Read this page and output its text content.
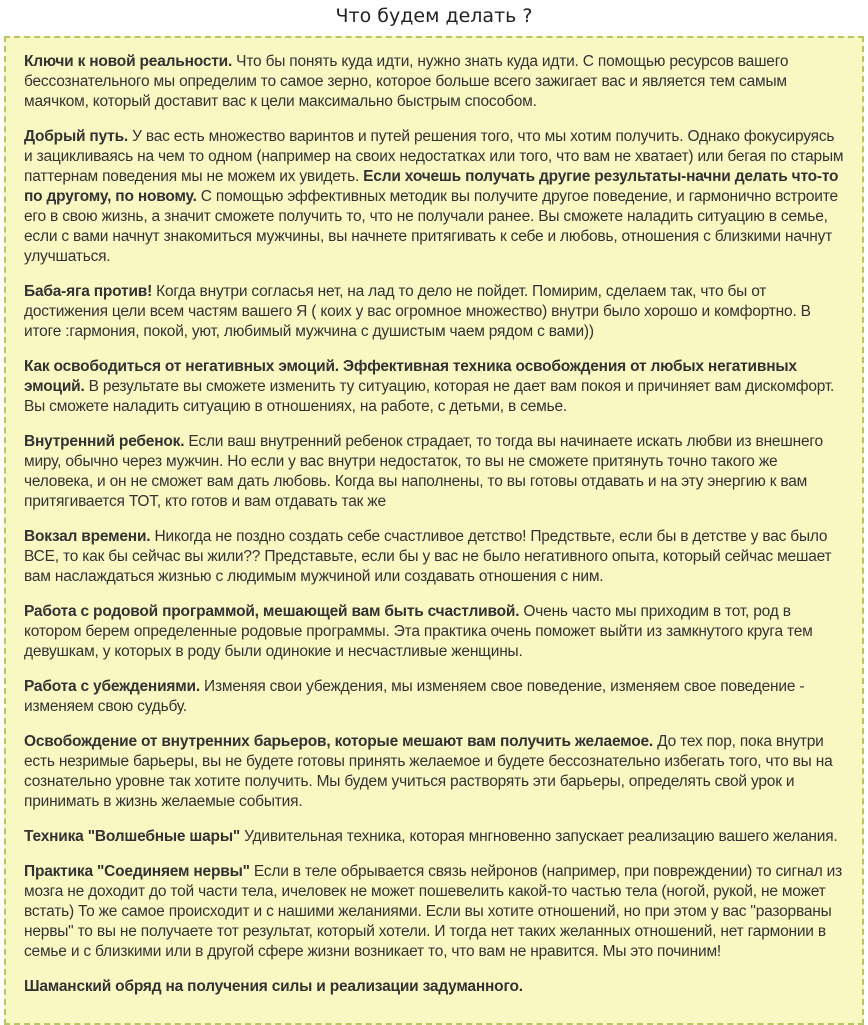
Что будем делать ?

Ключи к новой реальности. Что бы понять куда идти, нужно знать куда идти. С помощью ресурсов вашего бессознательного мы определим то самое зерно, которое больше всего зажигает вас и является тем самым маячком, который доставит вас к цели максимально быстрым способом.

Добрый путь. У вас есть множество варинтов и путей решения того, что мы хотим получить. Однако фокусируясь и зацикливаясь на чем то одном (например на своих недостатках или того, что вам не хватает) или бегая по старым паттернам поведения мы не можем их увидеть. Если хочешь получать другие результаты-начни делать что-то по другому, по новому. С помощью эффективных методик вы получите другое поведение, и гармонично встроите его в свою жизнь, а значит сможете получить то, что не получали ранее. Вы сможете наладить ситуацию в семье, если с вами начнут знакомиться мужчины, вы начнете притягивать к себе и любовь, отношения с близкими начнут улучшаться.

Баба-яга против! Когда внутри согласья нет, на лад то дело не пойдет. Помирим, сделаем так, что бы от достижения цели всем частям вашего Я ( коих у вас огромное множество) внутри было хорошо и комфортно. В итоге :гармония, покой, уют, любимый мужчина с душистым чаем рядом с вами))

Как освободиться от негативных эмоций. Эффективная техника освобождения от любых негативных эмоций. В результате вы сможете изменить ту ситуацию, которая не дает вам покоя и причиняет вам дискомфорт. Вы сможете наладить ситуацию в отношениях, на работе, с детьми, в семье.

Внутренний ребенок. Если ваш внутренний ребенок страдает, то тогда вы начинаете искать любви из внешнего миру, обычно через мужчин. Но если у вас внутри недостаток, то вы не сможете притянуть точно такого же человека, и он не сможет вам дать любовь. Когда вы наполнены, то вы готовы отдавать и на эту энергию к вам притягивается ТОТ, кто готов и вам отдавать так же

Вокзал времени. Никогда не поздно создать себе счастливое детство! Предствьте, если бы в детстве у вас было ВСЕ, то как бы сейчас вы жили?? Представьте, если бы у вас не было негативного опыта, который сейчас мешает вам наслаждаться жизнью с людимым мужчиной или создавать отношения с ним.

Работа с родовой программой, мешающей вам быть счастливой. Очень часто мы приходим в тот, род в котором берем определенные родовые программы. Эта практика очень поможет выйти из замкнутого круга тем девушкам, у которых в роду были одинокие и несчастливые женщины.

Работа с убеждениями. Изменяя свои убеждения, мы изменяем свое поведение, изменяем свое поведение - изменяем свою судьбу.

Освобождение от внутренних барьеров, которые мешают вам получить желаемое. До тех пор, пока внутри есть незримые барьеры, вы не будете готовы принять желаемое и будете бессознательно избегать того, что вы на сознательно уровне так хотите получить. Мы будем учиться растворять эти барьеры, определять свой урок и принимать в жизнь желаемые события.

Техника "Волшебные шары" Удивительная техника, которая мнгновенно запускает реализацию вашего желания.

Практика "Соединяем нервы" Если в теле обрывается связь нейронов (например, при повреждении) то сигнал из мозга не доходит до той части тела, ичеловек не может пошевелить какой-то частью тела (ногой, рукой, не может встать) То же самое происходит и с нашими желаниями. Если вы хотите отношений, но при этом у вас "разорваны нервы" то вы не получаете тот результат, который хотели. И тогда нет таких желанных отношений, нет гармонии в семье и с близкими или в другой сфере жизни возникает то, что вам не нравится. Мы это починим!

Шаманский обряд на получения силы и реализации задуманного.
